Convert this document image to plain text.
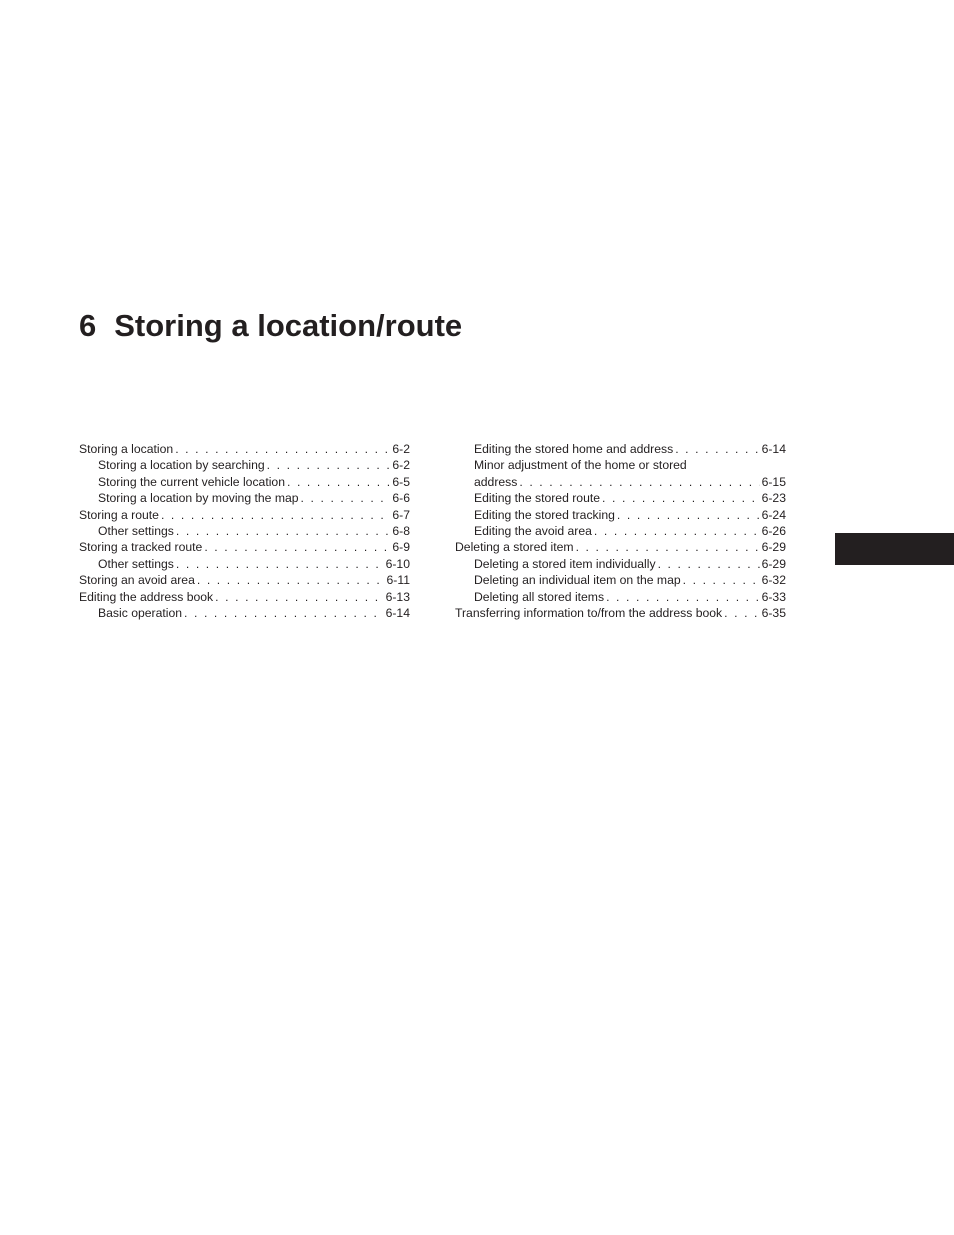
6 Storing a location/route
Storing a location . . .	6-2
Storing a location by searching . . .	6-2
Storing the current vehicle location . . .	6-5
Storing a location by moving the map . . .	6-6
Storing a route . . .	6-7
Other settings . . .	6-8
Storing a tracked route . . .	6-9
Other settings . . .	6-10
Storing an avoid area . . .	6-11
Editing the address book . . .	6-13
Basic operation . . .	6-14
Editing the stored home and address . . .	6-14
Minor adjustment of the home or stored
address . . .	6-15
Editing the stored route . . .	6-23
Editing the stored tracking . . .	6-24
Editing the avoid area . . .	6-26
Deleting a stored item . . .	6-29
Deleting a stored item individually . . .	6-29
Deleting an individual item on the map . . .	6-32
Deleting all stored items . . .	6-33
Transferring information to/from the address book . . .	6-35
